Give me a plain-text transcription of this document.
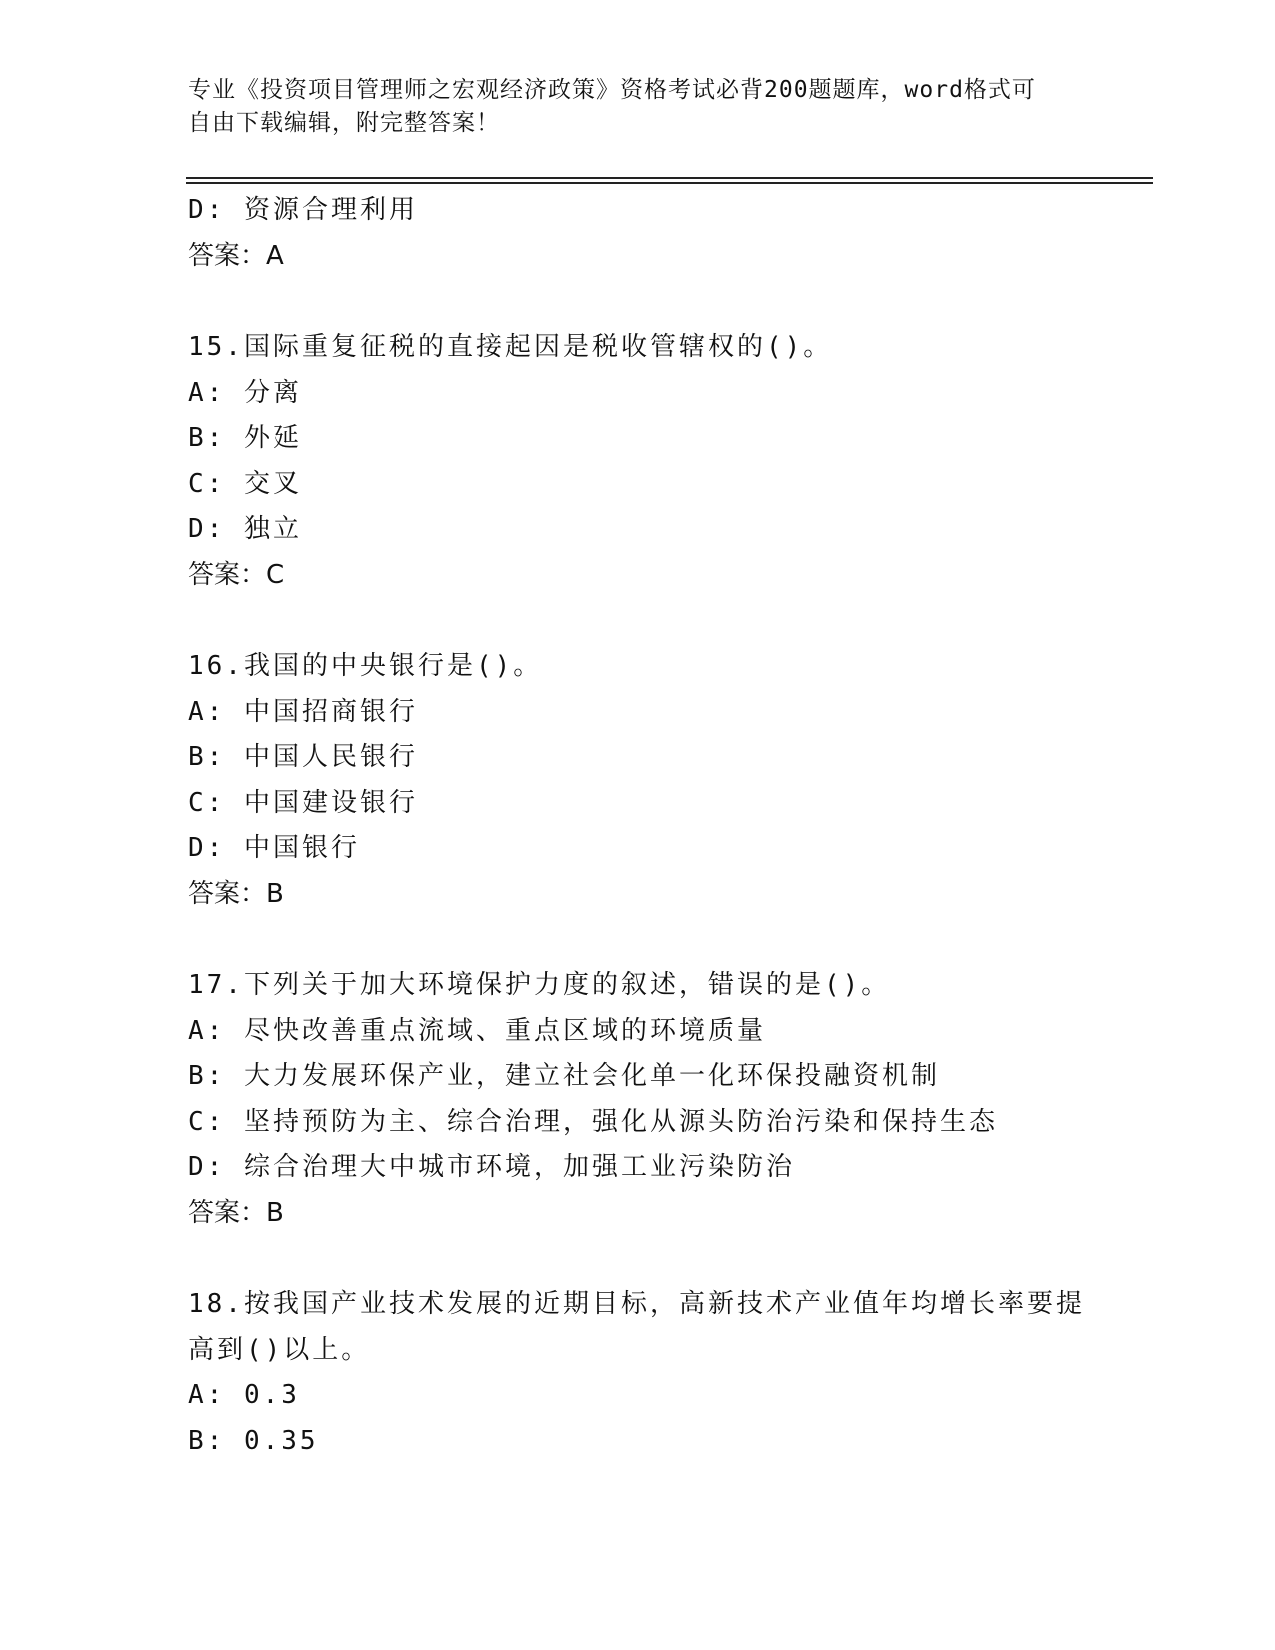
专业《投资项目管理师之宏观经济政策》资格考试必背200题题库，word格式可
自由下载编辑，附完整答案！
D: 资源合理利用
答案：A
15.国际重复征税的直接起因是税收管辖权的()。
A: 分离
B: 外延
C: 交叉
D: 独立
答案：C
16.我国的中央银行是()。
A: 中国招商银行
B: 中国人民银行
C: 中国建设银行
D: 中国银行
答案：B
17.下列关于加大环境保护力度的叙述，错误的是()。
A: 尽快改善重点流域、重点区域的环境质量
B: 大力发展环保产业，建立社会化单一化环保投融资机制
C: 坚持预防为主、综合治理，强化从源头防治污染和保持生态
D: 综合治理大中城市环境，加强工业污染防治
答案：B
18.按我国产业技术发展的近期目标，高新技术产业值年均增长率要提
高到()以上。
A: 0.3
B: 0.35
